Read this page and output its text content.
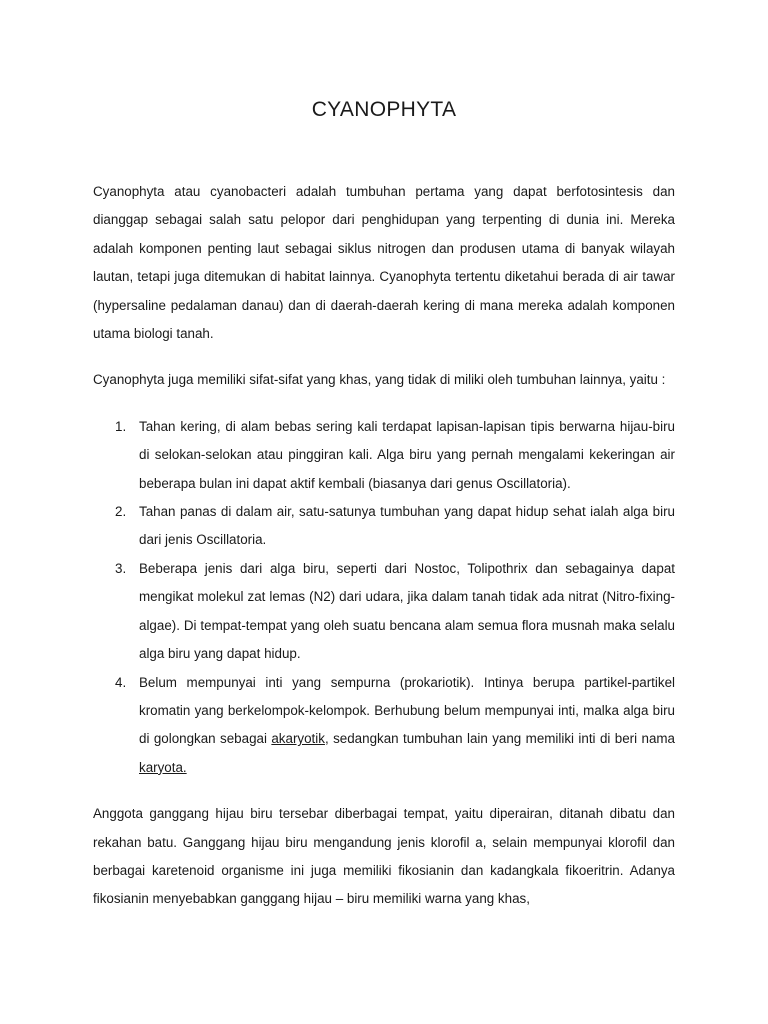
CYANOPHYTA

Cyanophyta atau cyanobacteri adalah tumbuhan pertama yang dapat berfotosintesis dan dianggap sebagai salah satu pelopor dari penghidupan yang terpenting di dunia ini. Mereka adalah komponen penting laut sebagai siklus nitrogen dan produsen utama di banyak wilayah lautan, tetapi juga ditemukan di habitat lainnya. Cyanophyta tertentu diketahui berada di air tawar (hypersaline pedalaman danau) dan di daerah-daerah kering di mana mereka adalah komponen utama biologi tanah.

Cyanophyta juga memiliki sifat-sifat yang khas, yang tidak di miliki oleh tumbuhan lainnya, yaitu :

1. Tahan kering, di alam bebas sering kali terdapat lapisan-lapisan tipis berwarna hijau-biru di selokan-selokan atau pinggiran kali. Alga biru yang pernah mengalami kekeringan air beberapa bulan ini dapat aktif kembali (biasanya dari genus Oscillatoria).
2. Tahan panas di dalam air, satu-satunya tumbuhan yang dapat hidup sehat ialah alga biru dari jenis Oscillatoria.
3. Beberapa jenis dari alga biru, seperti dari Nostoc, Tolipothrix dan sebagainya dapat mengikat molekul zat lemas (N2) dari udara, jika dalam tanah tidak ada nitrat (Nitro-fixing-algae). Di tempat-tempat yang oleh suatu bencana alam semua flora musnah maka selalu alga biru yang dapat hidup.
4. Belum mempunyai inti yang sempurna (prokariotik). Intinya berupa partikel-partikel kromatin yang berkelompok-kelompok. Berhubung belum mempunyai inti, malka alga biru di golongkan sebagai akaryotik, sedangkan tumbuhan lain yang memiliki inti di beri nama karyota.

Anggota ganggang hijau biru tersebar diberbagai tempat, yaitu diperairan, ditanah dibatu dan rekahan batu. Ganggang hijau biru mengandung jenis klorofil a, selain mempunyai klorofil dan berbagai karetenoid organisme ini juga memiliki fikosianin dan kadangkala fikoeritrin. Adanya fikosianin menyebabkan ganggang hijau – biru memiliki warna yang khas,
